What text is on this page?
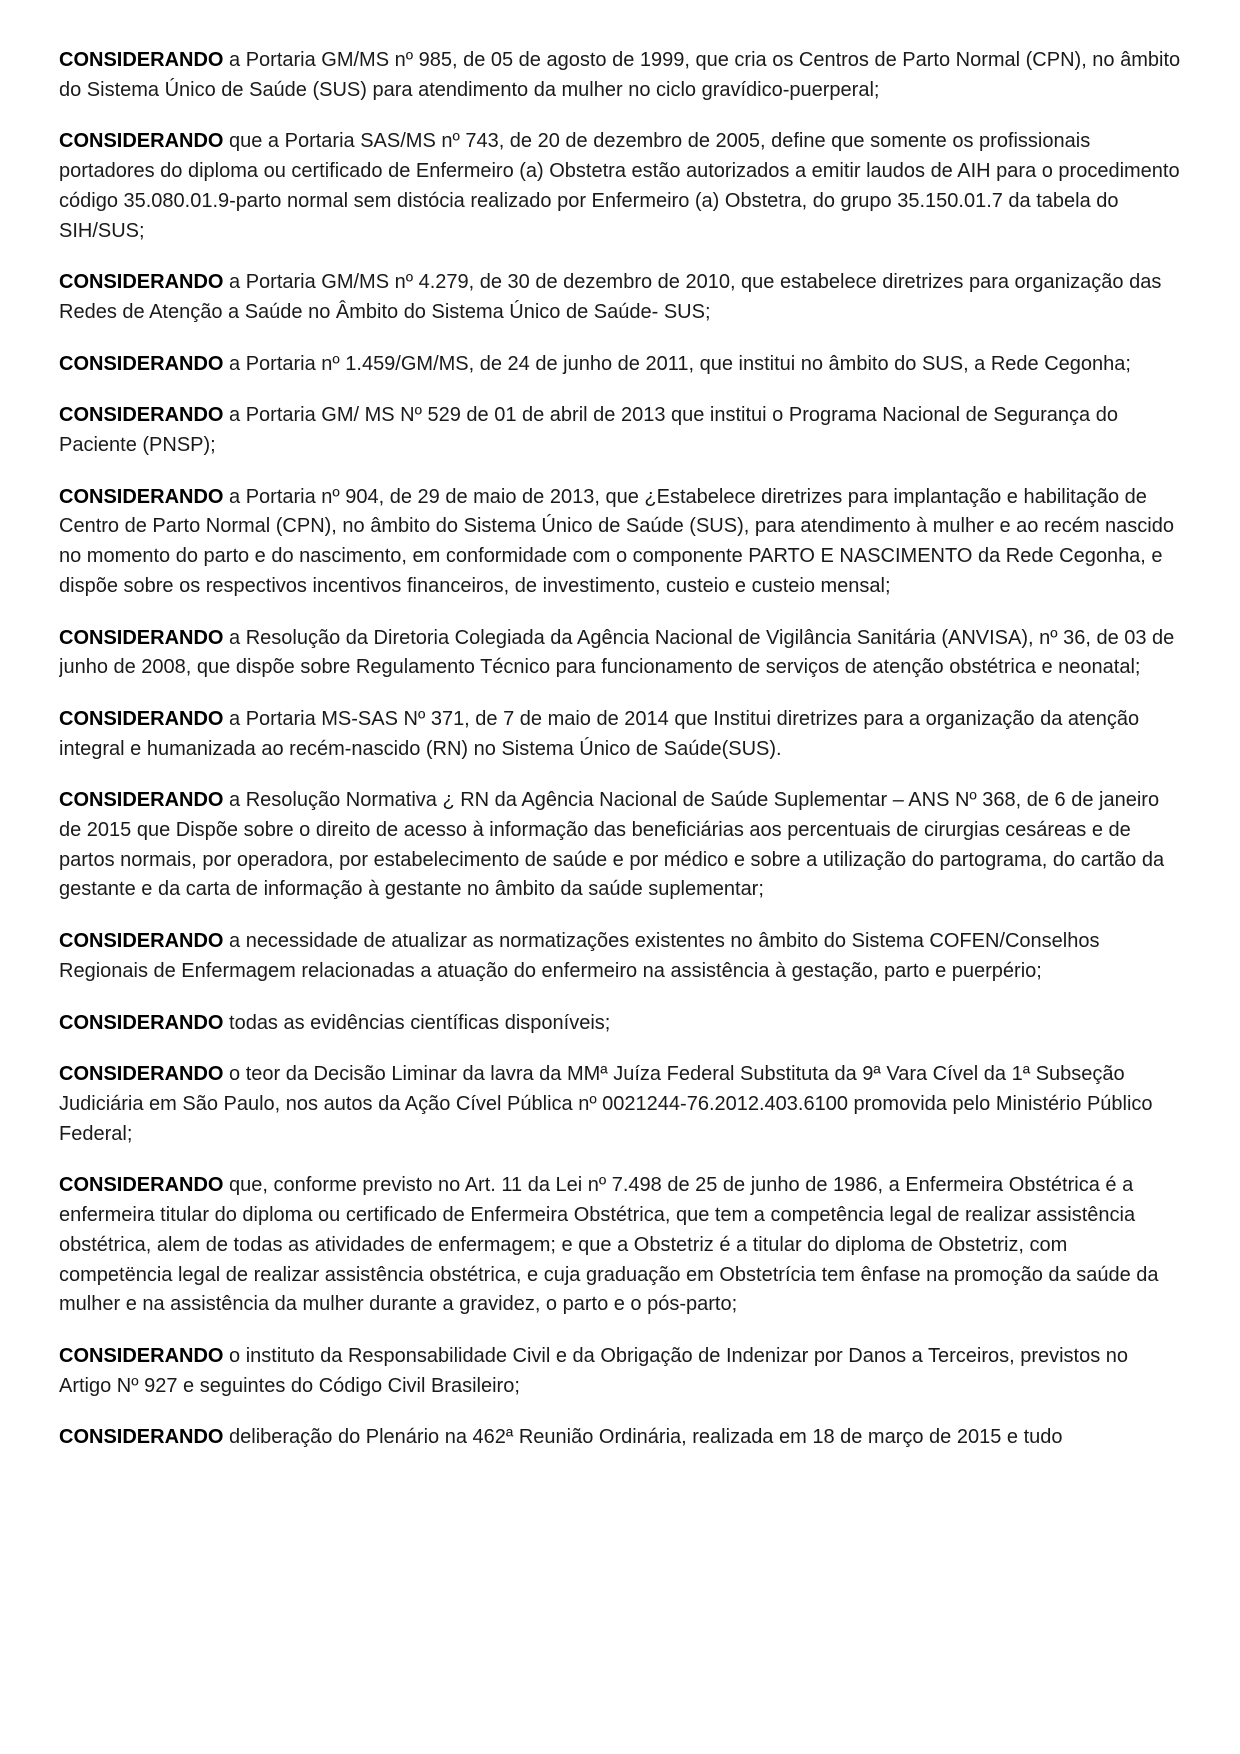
CONSIDERANDO a Portaria GM/MS nº 985, de 05 de agosto de 1999, que cria os Centros de Parto Normal (CPN), no âmbito do Sistema Único de Saúde (SUS) para atendimento da mulher no ciclo gravídico-puerperal;

CONSIDERANDO que a Portaria SAS/MS nº 743, de 20 de dezembro de 2005, define que somente os profissionais portadores do diploma ou certificado de Enfermeiro (a) Obstetra estão autorizados a emitir laudos de AIH para o procedimento código 35.080.01.9-parto normal sem distócia realizado por Enfermeiro (a) Obstetra, do grupo 35.150.01.7 da tabela do SIH/SUS;

CONSIDERANDO a Portaria GM/MS nº 4.279, de 30 de dezembro de 2010, que estabelece diretrizes para organização das Redes de Atenção a Saúde no Âmbito do Sistema Único de Saúde- SUS;

CONSIDERANDO a Portaria nº 1.459/GM/MS, de 24 de junho de 2011, que institui no âmbito do SUS, a Rede Cegonha;

CONSIDERANDO a Portaria GM/ MS Nº 529 de 01 de abril de 2013 que institui o Programa Nacional de Segurança do Paciente (PNSP);

CONSIDERANDO a Portaria nº 904, de 29 de maio de 2013, que ¿Estabelece diretrizes para implantação e habilitação de Centro de Parto Normal (CPN), no âmbito do Sistema Único de Saúde (SUS), para atendimento à mulher e ao recém nascido no momento do parto e do nascimento, em conformidade com o componente PARTO E NASCIMENTO da Rede Cegonha, e dispõe sobre os respectivos incentivos financeiros, de investimento, custeio e custeio mensal;

CONSIDERANDO a Resolução da Diretoria Colegiada da Agência Nacional de Vigilância Sanitária (ANVISA), nº 36, de 03 de junho de 2008, que dispõe sobre Regulamento Técnico para funcionamento de serviços de atenção obstétrica e neonatal;

CONSIDERANDO a Portaria MS-SAS Nº 371, de 7 de maio de 2014 que Institui diretrizes para a organização da atenção integral e humanizada ao recém-nascido (RN) no Sistema Único de Saúde(SUS).

CONSIDERANDO a Resolução Normativa ¿ RN da Agência Nacional de Saúde Suplementar – ANS Nº 368, de 6 de janeiro de 2015 que Dispõe sobre o direito de acesso à informação das beneficiárias aos percentuais de cirurgias cesáreas e de partos normais, por operadora, por estabelecimento de saúde e por médico e sobre a utilização do partograma, do cartão da gestante e da carta de informação à gestante no âmbito da saúde suplementar;

CONSIDERANDO a necessidade de atualizar as normatizações existentes no âmbito do Sistema COFEN/Conselhos Regionais de Enfermagem relacionadas a atuação do enfermeiro na assistência à gestação, parto e puerpério;

CONSIDERANDO todas as evidências científicas disponíveis;

CONSIDERANDO o teor da Decisão Liminar da lavra da MMª Juíza Federal Substituta da 9ª Vara Cível da 1ª Subseção Judiciária em São Paulo, nos autos da Ação Cível Pública nº 0021244-76.2012.403.6100 promovida pelo Ministério Público Federal;

CONSIDERANDO que, conforme previsto no Art. 11 da Lei nº 7.498 de 25 de junho de 1986, a Enfermeira Obstétrica é a enfermeira titular do diploma ou certificado de Enfermeira Obstétrica, que tem a competência legal de realizar assistência obstétrica, alem de todas as atividades de enfermagem; e que a Obstetriz é a titular do diploma de Obstetriz, com competëncia legal de realizar assistência obstétrica, e cuja graduação em Obstetrícia tem ênfase na promoção da saúde da mulher e na assistência da mulher durante a gravidez, o parto e o pós-parto;

CONSIDERANDO o instituto da Responsabilidade Civil e da Obrigação de Indenizar por Danos a Terceiros, previstos no Artigo Nº 927 e seguintes do Código Civil Brasileiro;

CONSIDERANDO deliberação do Plenário na 462ª Reunião Ordinária, realizada em 18 de março de 2015 e tudo
